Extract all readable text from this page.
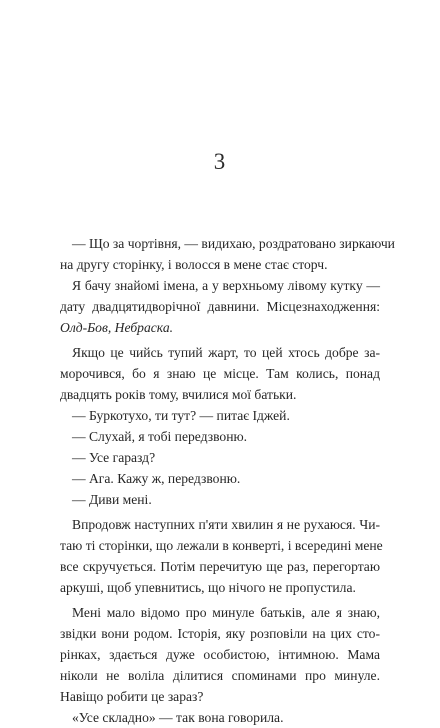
3
— Що за чортівня, — видихаю, роздратовано зиркаючи
на другу сторінку, і волосся в мене стає сторч.
Я бачу знайомі імена, а у верхньому лівому кутку —
дату двадцятидворічної давнини. Місцезнаходження:
Олд-Бов, Небраска.
Якщо це чийсь тупий жарт, то цей хтось добре за-
морочився, бо я знаю це місце. Там колись, понад
двадцять років тому, вчилися мої батьки.
— Буркотухо, ти тут? — питає Іджей.
— Слухай, я тобі передзвоню.
— Усе гаразд?
— Ага. Кажу ж, передзвоню.
— Диви мені.
Впродовж наступних п'яти хвилин я не рухаюся. Чи-
таю ті сторінки, що лежали в конверті, і всередині мене
все скручується. Потім перечитую ще раз, перегортаю
аркуші, щоб упевнитись, що нічого не пропустила.
Мені мало відомо про минуле батьків, але я знаю,
звідки вони родом. Історія, яку розповіли на цих сто-
рінках, здається дуже особистою, інтимною. Мама
ніколи не воліла ділитися споминами про минуле.
Навіщо робити це зараз?
«Усе складно» — так вона говорила.
